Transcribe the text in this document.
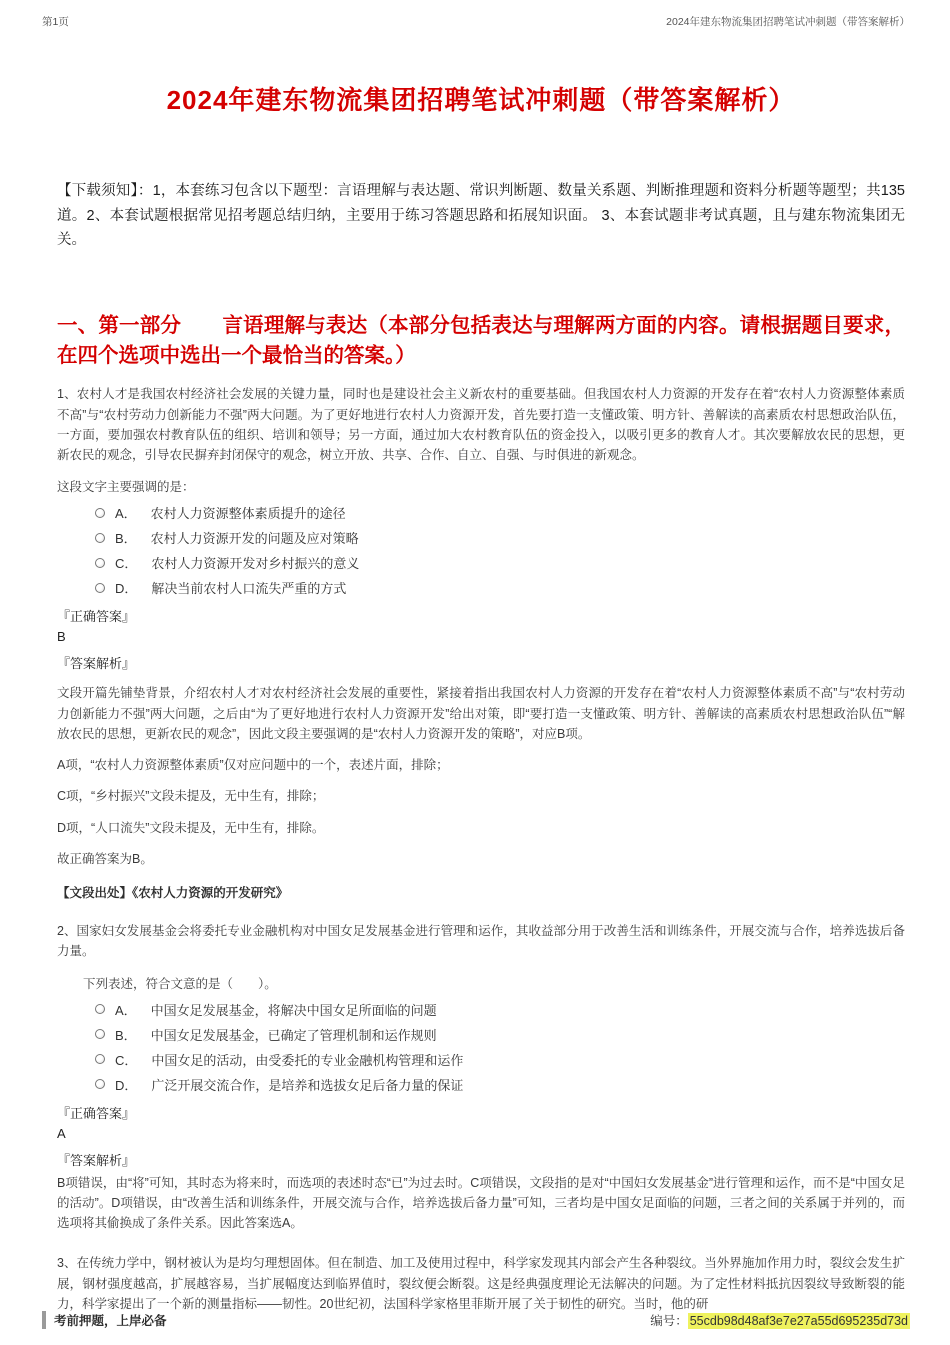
第1页	2024年建东物流集团招聘笔试冲刺题（带答案解析）
2024年建东物流集团招聘笔试冲刺题（带答案解析）

【下载须知】：1，本套练习包含以下题型：言语理解与表达题、常识判断题、数量关系题、判断推理题和资料分析题等题型；共135道。2、本套试题根据常见招考题总结归纳，主要用于练习答题思路和拓展知识面。 3、本套试题非考试真题，且与建东物流集团无关。

一、第一部分　　言语理解与表达（本部分包括表达与理解两方面的内容。请根据题目要求，在四个选项中选出一个最恰当的答案。）

1、农村人才是我国农村经济社会发展的关键力量，同时也是建设社会主义新农村的重要基础。但我国农村人力资源的开发存在着“农村人力资源整体素质不高”与“农村劳动力创新能力不强”两大问题。为了更好地进行农村人力资源开发，首先要打造一支懂政策、明方针、善解读的高素质农村思想政治队伍，一方面，要加强农村教育队伍的组织、培训和领导；另一方面，通过加大农村教育队伍的资金投入，以吸引更多的教育人才。其次要解放农民的思想，更新农民的观念，引导农民摒弃封闭保守的观念，树立开放、共享、合作、自立、自强、与时俱进的新观念。

这段文字主要强调的是：

A． 农村人力资源整体素质提升的途径
B． 农村人力资源开发的问题及应对策略
C． 农村人力资源开发对乡村振兴的意义
D． 解决当前农村人口流失严重的方式

『正确答案』

B

『答案解析』

文段开篇先铺垫背景，介绍农村人才对农村经济社会发展的重要性，紧接着指出我国农村人力资源的开发存在着“农村人力资源整体素质不高”与“农村劳动力创新能力不强”两大问题，之后由“为了更好地进行农村人力资源开发”给出对策，即“要打造一支懂政策、明方针、善解读的高素质农村思想政治队伍”“解放农民的思想，更新农民的观念”，因此文段主要强调的是“农村人力资源开发的策略”，对应B项。

A项，“农村人力资源整体素质”仅对应问题中的一个，表述片面，排除；

C项，“乡村振兴”文段未提及，无中生有，排除；

D项，“人口流失”文段未提及，无中生有，排除。

故正确答案为B。

【文段出处】《农村人力资源的开发研究》

2、国家妇女发展基金会将委托专业金融机构对中国女足发展基金进行管理和运作，其收益部分用于改善生活和训练条件，开展交流与合作，培养选拔后备力量。

下列表述，符合文意的是（　　）。

A． 中国女足发展基金，将解决中国女足所面临的问题
B． 中国女足发展基金，已确定了管理机制和运作规则
C． 中国女足的活动，由受委托的专业金融机构管理和运作
D． 广泛开展交流合作，是培养和选拔女足后备力量的保证

『正确答案』

A

『答案解析』

B项错误，由“将”可知，其时态为将来时，而选项的表述时态“已”为过去时。C项错误，文段指的是对“中国妇女发展基金”进行管理和运作，而不是“中国女足的活动”。D项错误，由“改善生活和训练条件，开展交流与合作，培养选拔后备力量”可知，三者均是中国女足面临的问题，三者之间的关系属于并列的，而选项将其偷换成了条件关系。因此答案选A。

3、在传统力学中，钢材被认为是均匀理想固体。但在制造、加工及使用过程中，科学家发现其内部会产生各种裂纹。当外界施加作用力时，裂纹会发生扩展，钢材强度越高，扩展越容易，当扩展幅度达到临界值时，裂纹便会断裂。这是经典强度理论无法解决的问题。为了定性材料抵抗因裂纹导致断裂的能力，科学家提出了一个新的测量指标——韧性。20世纪初，法国科学家格里菲斯开展了关于韧性的研究。当时，他的研

考前押题，上岸必备	编号： 55cdb98d48af3e7e27a55d695235d73d
